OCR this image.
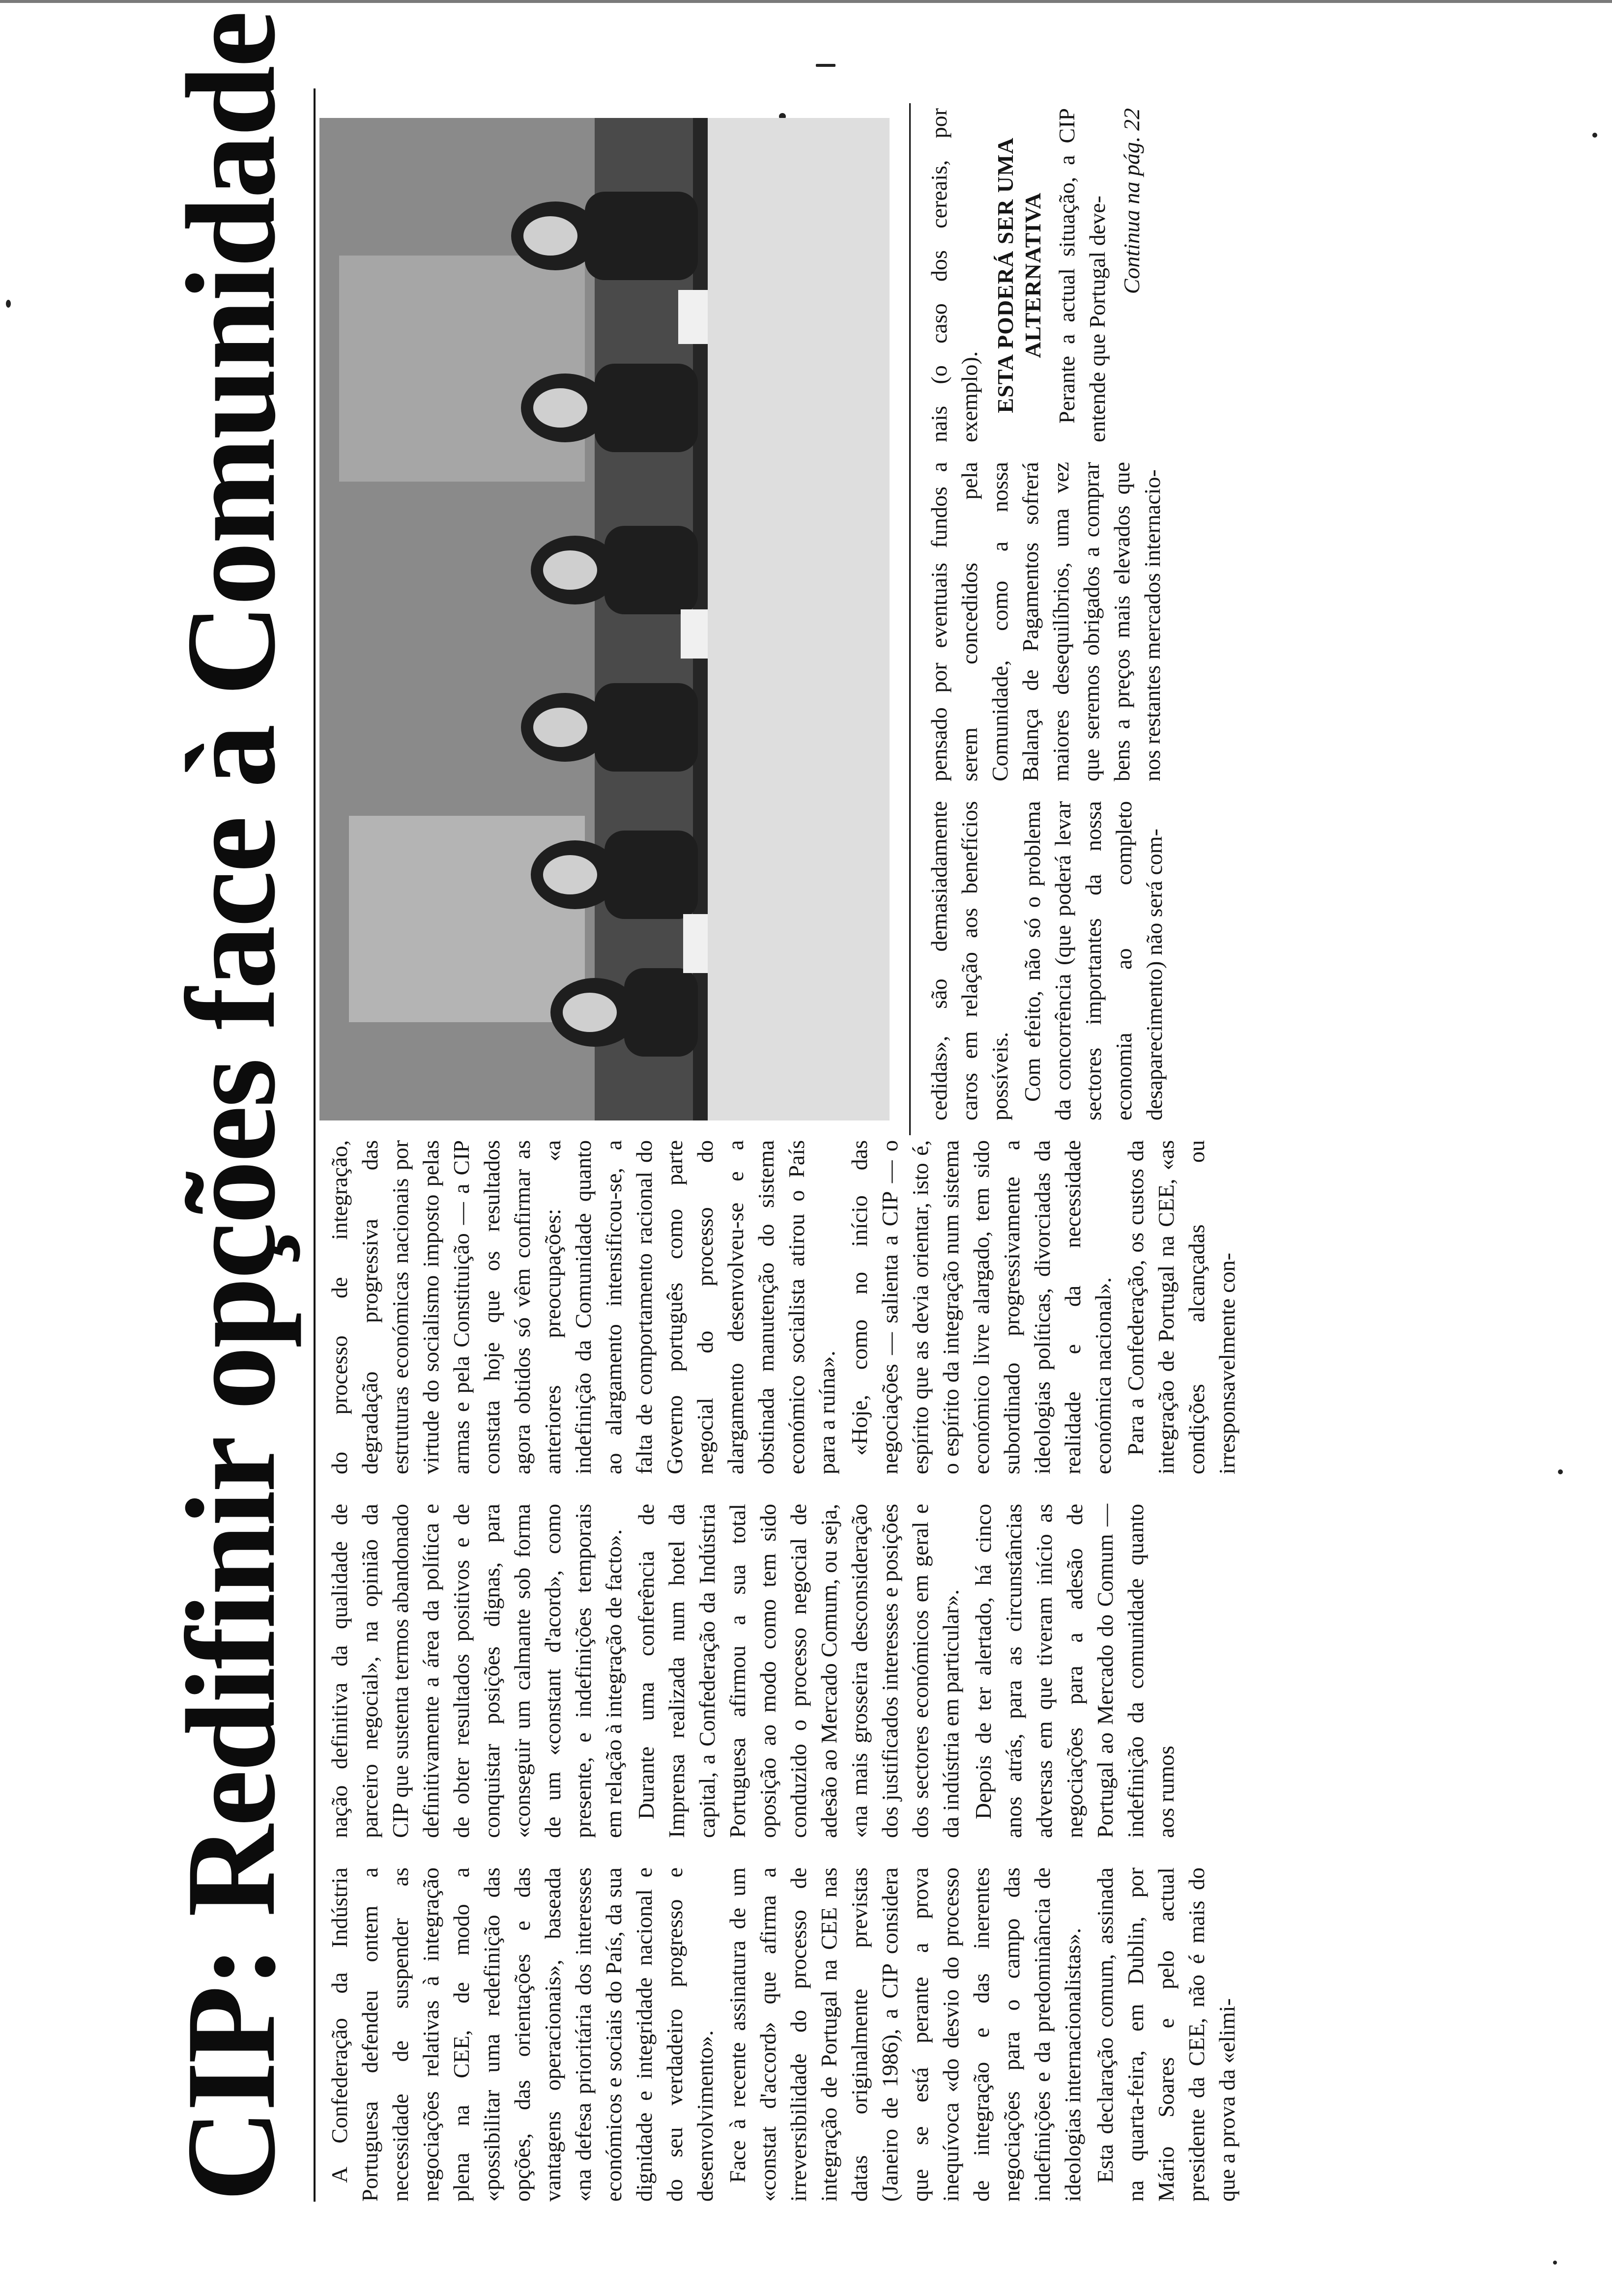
CIP: Redifinir opções face à Comunidade A Confederação da Indústria Portuguesa defendeu ontem a necessidade de suspender as negociações relativas à integração plena na CEE, de modo a «possibilitar uma redefinição das opções, das orientações e das vantagens operacionais», baseada «na defesa prioritária dos interesses económicos e sociais do País, da sua dignidade e integridade nacional e do seu verdadeiro progresso e desenvolvimento». Face à recente assinatura de um «constat d'accord» que afirma a irreversibilidade do processo de integração de Portugal na CEE nas datas originalmente previstas (Janeiro de 1986), a CIP considera que se está perante a prova inequívoca «do desvio do processo de integração e das inerentes negociações para o campo das indefinições e da predominância de ideologias internacionalistas». Esta declaração comum, assinada na quarta-feira, em Dublin, por Mário Soares e pelo actual presidente da CEE, não é mais do que a prova da «elimi-

nação definitiva da qualidade de parceiro negocial», na opinião da CIP que sustenta termos abandonado definitivamente a área da política e de obter resultados positivos e de conquistar posições dignas, para «conseguir um calmante sob forma de um «constant d'acord», como presente, e indefinições temporais em relação à integração de facto». Durante uma conferência de Imprensa realizada num hotel da capital, a Confederação da Indústria Portuguesa afirmou a sua total oposição ao modo como tem sido conduzido o processo negocial de adesão ao Mercado Comum, ou seja, «na mais grosseira desconsideração dos justificados interesses e posições dos sectores económicos em geral e da indústria em particular». Depois de ter alertado, há cinco anos atrás, para as circunstâncias adversas em que tiveram início as negociações para a adesão de Portugal ao Mercado do Comum — indefinição da comunidade quanto aos rumos

do processo de integração, degradação progressiva das estruturas económicas nacionais por virtude do socialismo imposto pelas armas e pela Constituição — a CIP constata hoje que os resultados agora obtidos só vêm confirmar as anteriores preocupações: «a indefinição da Comunidade quanto ao alargamento intensificou-se, a falta de comportamento racional do Governo português como parte negocial do processo do alargamento desenvolveu-se e a obstinada manutenção do sistema económico socialista atirou o País para a ruína». «Hoje, como no início das negociações — salienta a CIP — o espírito que as devia orientar, isto é, o espírito da integração num sistema económico livre alargado, tem sido subordinado progressivamente a ideologias políticas, divorciadas da realidade e da necessidade económica nacional». Para a Confederação, os custos da integração de Portugal na CEE, «as condições alcançadas ou irresponsavelmente con-

cedidas», são demasiadamente caros em relação aos benefícios possíveis. Com efeito, não só o problema da concorrência (que poderá levar sectores importantes da nossa economia ao completo desaparecimento) não será com-

pensado por eventuais fundos a serem concedidos pela Comunidade, como a nossa Balança de Pagamentos sofrerá maiores desequilíbrios, uma vez que seremos obrigados a comprar bens a preços mais elevados que nos restantes mercados internacio-

nais (o caso dos cereais, por exemplo). ESTA PODERÁ SER UMA ALTERNATIVA Perante a actual situação, a CIP entende que Portugal deve- Continua na pág. 22
